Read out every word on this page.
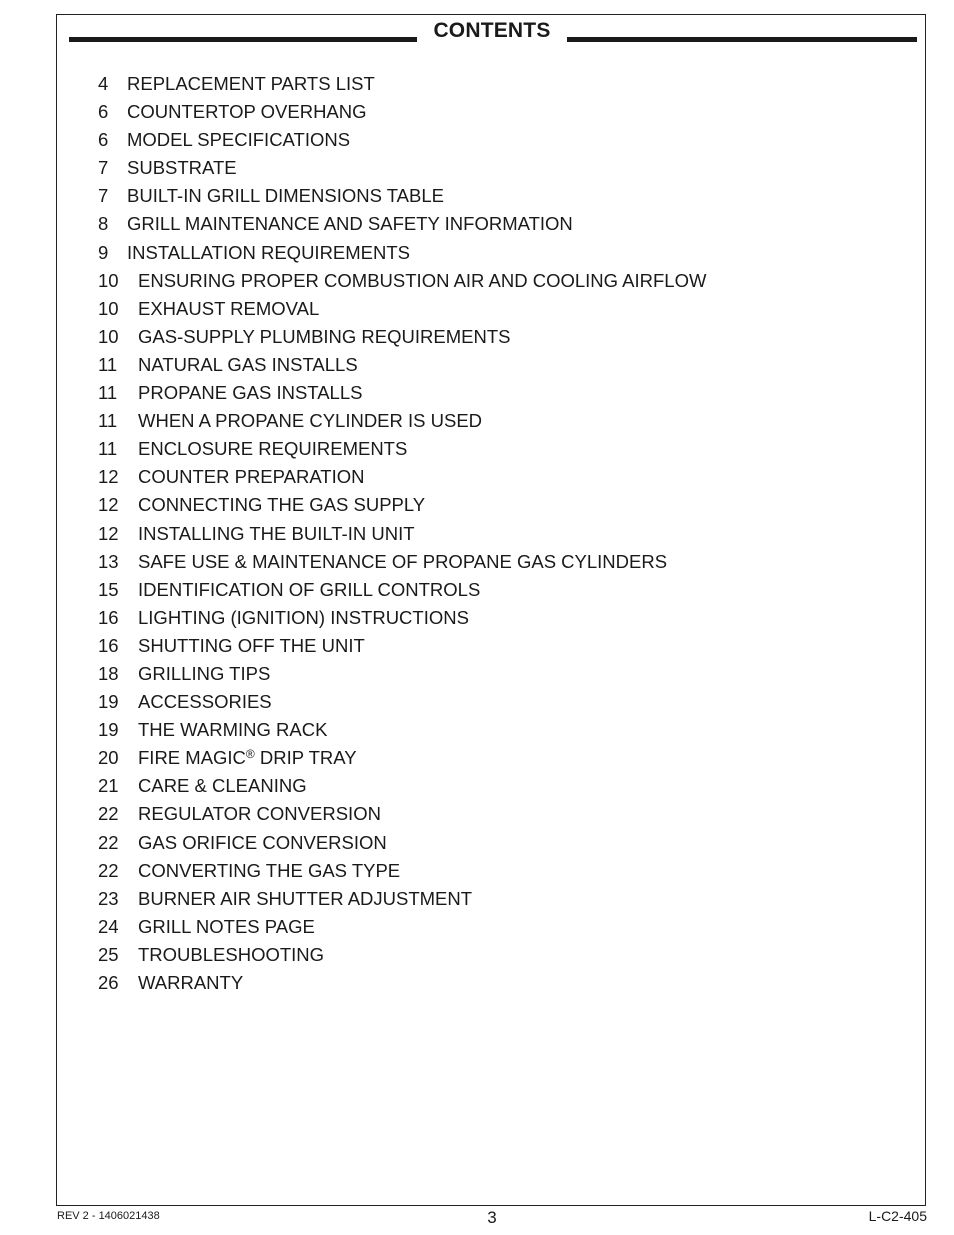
CONTENTS
4 REPLACEMENT PARTS LIST
6 COUNTERTOP OVERHANG
6 MODEL SPECIFICATIONS
7 SUBSTRATE
7 BUILT-IN GRILL DIMENSIONS TABLE
8 GRILL MAINTENANCE AND SAFETY INFORMATION
9 INSTALLATION REQUIREMENTS
10 ENSURING PROPER COMBUSTION AIR AND COOLING AIRFLOW
10 EXHAUST REMOVAL
10 GAS-SUPPLY PLUMBING REQUIREMENTS
11 NATURAL GAS INSTALLS
11 PROPANE GAS INSTALLS
11 WHEN A PROPANE CYLINDER IS USED
11 ENCLOSURE REQUIREMENTS
12 COUNTER PREPARATION
12 CONNECTING THE GAS SUPPLY
12 INSTALLING THE BUILT-IN UNIT
13 SAFE USE & MAINTENANCE OF PROPANE GAS CYLINDERS
15 IDENTIFICATION OF GRILL CONTROLS
16 LIGHTING (IGNITION) INSTRUCTIONS
16 SHUTTING OFF THE UNIT
18 GRILLING TIPS
19 ACCESSORIES
19 THE WARMING RACK
20 FIRE MAGIC® DRIP TRAY
21 CARE & CLEANING
22 REGULATOR CONVERSION
22 GAS ORIFICE CONVERSION
22 CONVERTING THE GAS TYPE
23 BURNER AIR SHUTTER ADJUSTMENT
24 GRILL NOTES PAGE
25 TROUBLESHOOTING
26 WARRANTY
REV 2 - 1406021438	3	L-C2-405
